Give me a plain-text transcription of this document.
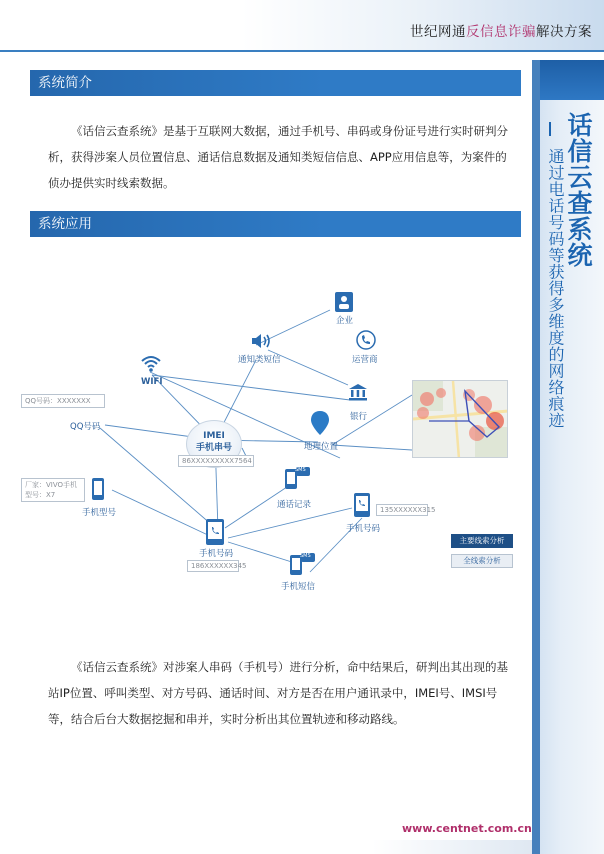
世纪网通反信息诈骗解决方案
话信云查系统
通过电话号码等获得多维度的网络痕迹
系统简介
《话信云查系统》是基于互联网大数据，通过手机号、串码或身份证号进行实时研判分析，获得涉案人员位置信息、通话信息数据及通知类短信信息、APP应用信息等，为案件的侦办提供实时线索数据。
系统应用
企业
运营商
通知类短信
银行
WIFI
QQ号码：XXXXXXX
QQ号码
IMEI
手机串号
86XXXXXXXXX7564
地理位置
厂家：VIVO手机
型号：X7
手机型号
SMS
通话记录
手机号码
135XXXXXX315
手机号码
186XXXXXX345
SMS
手机短信
主要线索分析
全线索分析
《话信云查系统》对涉案人串码（手机号）进行分析，命中结果后，研判出其出现的基站IP位置、呼叫类型、对方号码、通话时间、对方是否在用户通讯录中，IMEI号、IMSI号等，结合后台大数据挖掘和串并，实时分析出其位置轨迹和移动路线。
www.centnet.com.cn
